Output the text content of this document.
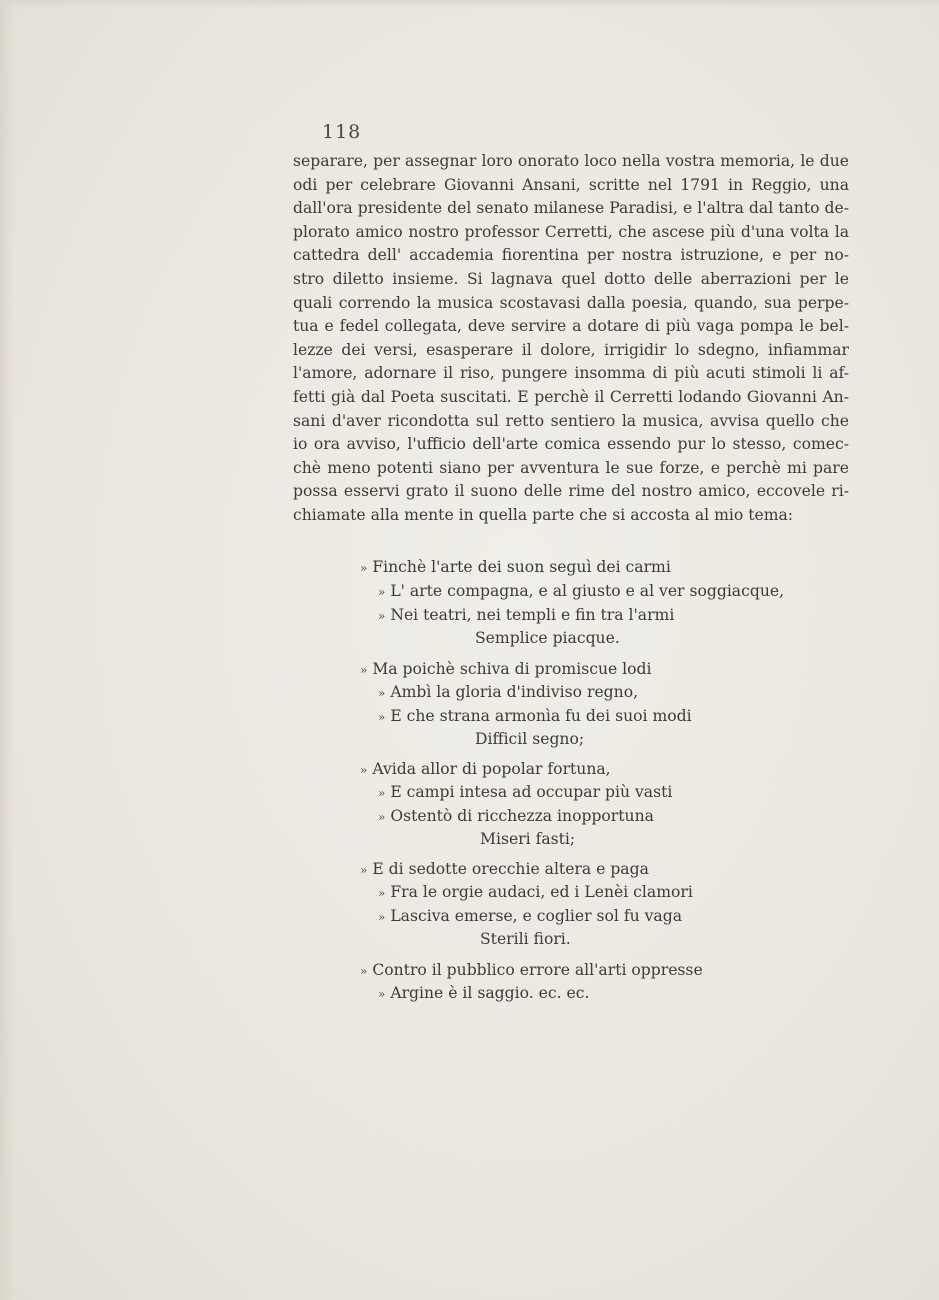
118
separare, per assegnar loro onorato loco nella vostra memoria, le due
odi per celebrare Giovanni Ansani, scritte nel 1791 in Reggio, una
dall'ora presidente del senato milanese Paradisi, e l'altra dal tanto de-
plorato amico nostro professor Cerretti, che ascese più d'una volta la
cattedra dell' accademia fiorentina per nostra istruzione, e per no-
stro diletto insieme. Si lagnava quel dotto delle aberrazioni per le
quali correndo la musica scostavasi dalla poesia, quando, sua perpe-
tua e fedel collegata, deve servire a dotare di più vaga pompa le bel-
lezze dei versi, esasperare il dolore, irrigidir lo sdegno, infiammar
l'amore, adornare il riso, pungere insomma di più acuti stimoli li af-
fetti già dal Poeta suscitati. E perchè il Cerretti lodando Giovanni An-
sani d'aver ricondotta sul retto sentiero la musica, avvisa quello che
io ora avviso, l'ufficio dell'arte comica essendo pur lo stesso, comec-
chè meno potenti siano per avventura le sue forze, e perchè mi pare
possa esservi grato il suono delle rime del nostro amico, eccovele ri-
chiamate alla mente in quella parte che si accosta al mio tema:
» Finchè l'arte dei suon seguì dei carmi
» L' arte compagna, e al giusto e al ver soggiacque,
» Nei teatri, nei templi e fin tra l'armi
Semplice piacque.
» Ma poichè schiva di promiscue lodi
» Ambì la gloria d'indiviso regno,
» E che strana armonìa fu dei suoi modi
Difficil segno;
» Avida allor di popolar fortuna,
» E campi intesa ad occupar più vasti
» Ostentò di ricchezza inopportuna
Miseri fasti;
» E di sedotte orecchie altera e paga
» Fra le orgie audaci, ed i Lenèi clamori
» Lasciva emerse, e coglier sol fu vaga
Sterili fiori.
» Contro il pubblico errore all'arti oppresse
» Argine è il saggio. ec. ec.
